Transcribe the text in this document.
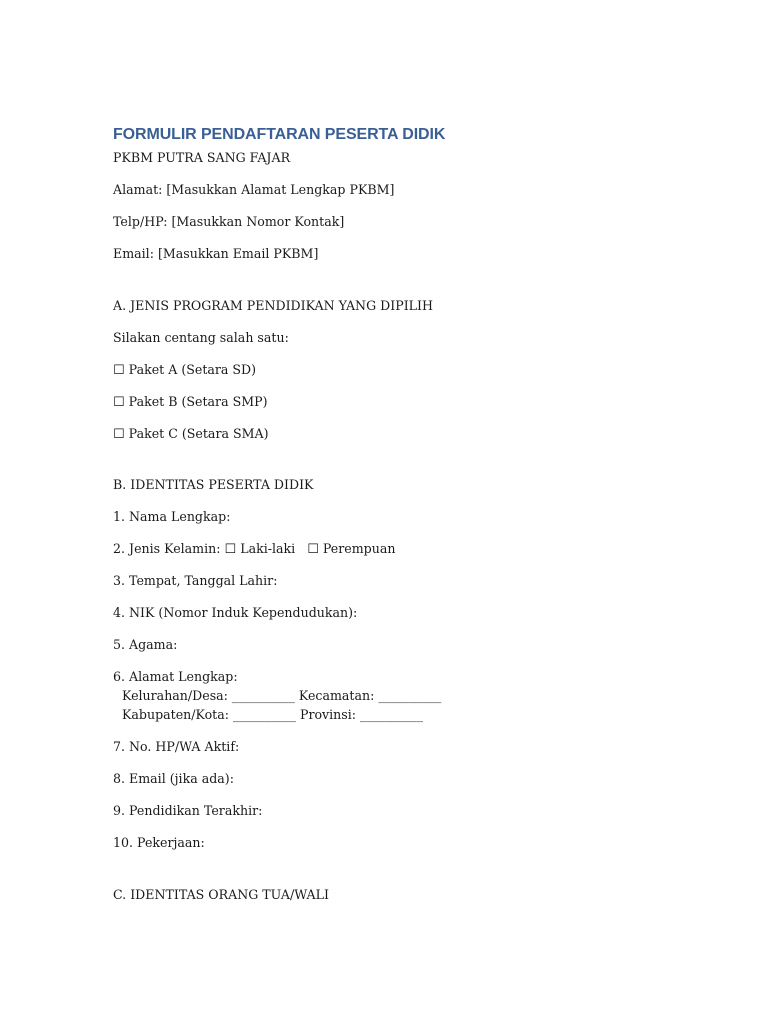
FORMULIR PENDAFTARAN PESERTA DIDIK
PKBM PUTRA SANG FAJAR
Alamat: [Masukkan Alamat Lengkap PKBM]
Telp/HP: [Masukkan Nomor Kontak]
Email: [Masukkan Email PKBM]
A. JENIS PROGRAM PENDIDIKAN YANG DIPILIH
Silakan centang salah satu:
☐ Paket A (Setara SD)
☐ Paket B (Setara SMP)
☐ Paket C (Setara SMA)
B. IDENTITAS PESERTA DIDIK
1. Nama Lengkap:
2. Jenis Kelamin: ☐ Laki-laki ☐ Perempuan
3. Tempat, Tanggal Lahir:
4. NIK (Nomor Induk Kependudukan):
5. Agama:
6. Alamat Lengkap:
Kelurahan/Desa: __________ Kecamatan: __________
Kabupaten/Kota: __________ Provinsi: __________
7. No. HP/WA Aktif:
8. Email (jika ada):
9. Pendidikan Terakhir:
10. Pekerjaan:
C. IDENTITAS ORANG TUA/WALI
